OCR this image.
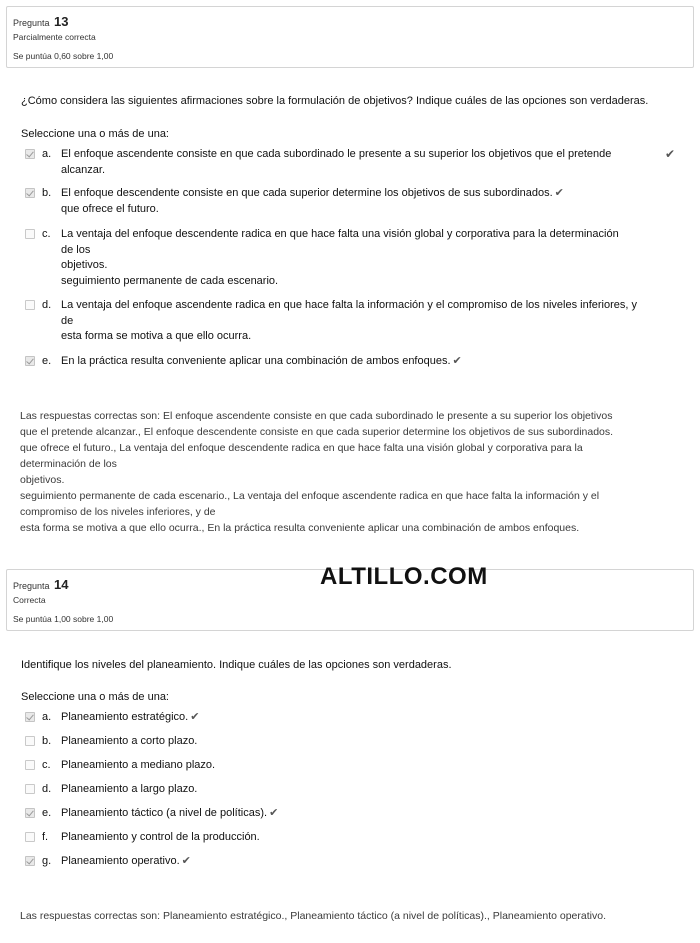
Pregunta 13
Parcialmente correcta
Se puntúa 0,60 sobre 1,00
¿Cómo considera las siguientes afirmaciones sobre la formulación de objetivos? Indique cuáles de las opciones son verdaderas.
Seleccione una o más de una:
a. El enfoque ascendente consiste en que cada subordinado le presente a su superior los objetivos que el pretende
alcanzar.
✔
b. El enfoque descendente consiste en que cada superior determine los objetivos de sus subordinados. ✔
que ofrece el futuro.
c. La ventaja del enfoque descendente radica en que hace falta una visión global y corporativa para la determinación
de los
objetivos.
seguimiento permanente de cada escenario.
d. La ventaja del enfoque ascendente radica en que hace falta la información y el compromiso de los niveles inferiores, y
de
esta forma se motiva a que ello ocurra.
e. En la práctica resulta conveniente aplicar una combinación de ambos enfoques. ✔
Las respuestas correctas son: El enfoque ascendente consiste en que cada subordinado le presente a su superior los objetivos
que el pretende alcanzar., El enfoque descendente consiste en que cada superior determine los objetivos de sus subordinados.
que ofrece el futuro., La ventaja del enfoque descendente radica en que hace falta una visión global y corporativa para la
determinación de los
objetivos.
seguimiento permanente de cada escenario., La ventaja del enfoque ascendente radica en que hace falta la información y el
compromiso de los niveles inferiores, y de
esta forma se motiva a que ello ocurra., En la práctica resulta conveniente aplicar una combinación de ambos enfoques.
Pregunta 14
Correcta
Se puntúa 1,00 sobre 1,00
ALTILLO.COM
Identifique los niveles del planeamiento. Indique cuáles de las opciones son verdaderas.
Seleccione una o más de una:
a. Planeamiento estratégico. ✔
b. Planeamiento a corto plazo.
c. Planeamiento a mediano plazo.
d. Planeamiento a largo plazo.
e. Planeamiento táctico (a nivel de políticas). ✔
f. Planeamiento y control de la producción.
g. Planeamiento operativo. ✔
Las respuestas correctas son: Planeamiento estratégico., Planeamiento táctico (a nivel de políticas)., Planeamiento operativo.
